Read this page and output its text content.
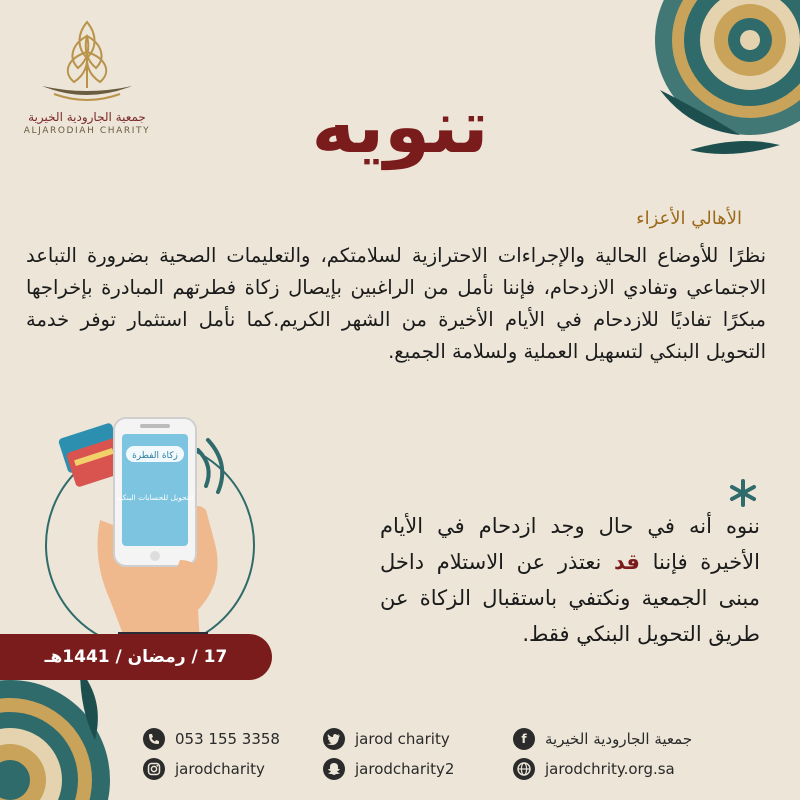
جمعية الجارودية الخيرية
ALJARODIAH CHARITY	تنويه
الأهالي الأعزاء
نظرًا للأوضاع الحالية والإجراءات الاحترازية لسلامتكم، والتعليمات الصحية بضرورة التباعد الاجتماعي وتفادي الازدحام، فإننا نأمل من الراغبين بإيصال زكاة فطرتهم المبادرة بإخراجها مبكرًا تفاديًا للازدحام في الأيام الأخيرة من الشهر الكريم.كما نأمل استثمار توفر خدمة التحويل البنكي لتسهيل العملية ولسلامة الجميع.
زكاة الفطرة
التحويل للحسابات البنكية
ننوه أنه في حال وجد ازدحام في الأيام الأخيرة فإننا قد نعتذر عن الاستلام داخل مبنى الجمعية ونكتفي باستقبال الزكاة عن طريق التحويل البنكي فقط.
17 / رمضان / 1441هـ
f	جمعية الجارودية الخيرية
jarodchrity.org.sa
jarod charity
jarodcharity2
053 155 3358
jarodcharity
